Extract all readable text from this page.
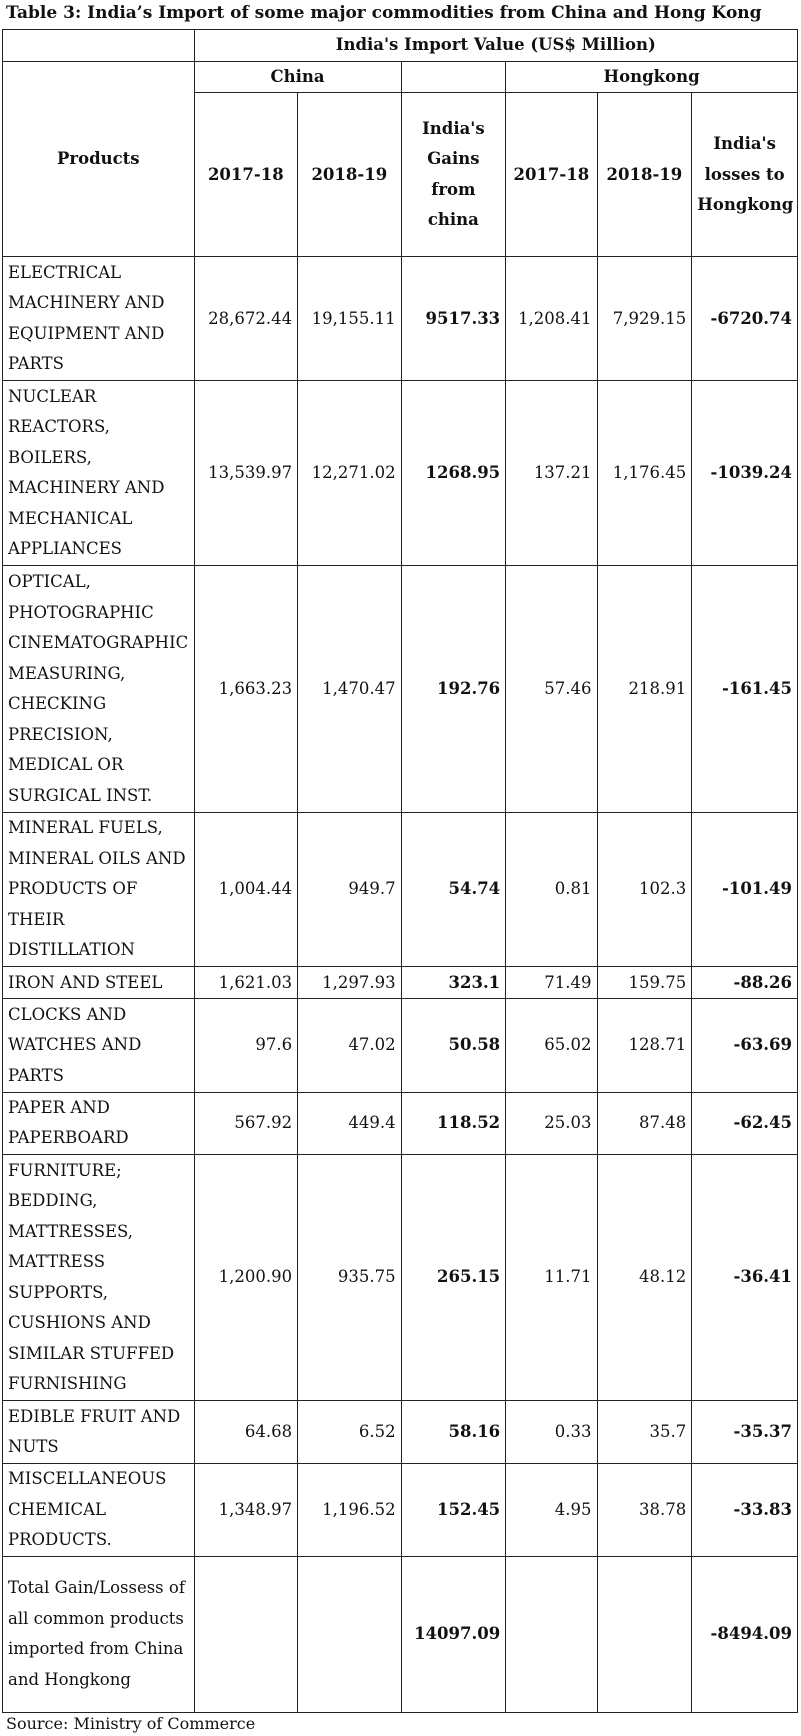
Table 3: India’s Import of some major commodities from China and Hong Kong
	India's Import Value (US$ Million)					
Products	China			Hongkong		
	2017-18	2018-19	India's Gains from china	2017-18	2018-19	India's losses to Hongkong
ELECTRICAL MACHINERY AND EQUIPMENT AND PARTS	28,672.44	19,155.11	9517.33	1,208.41	7,929.15	-6720.74
NUCLEAR REACTORS, BOILERS, MACHINERY AND MECHANICAL APPLIANCES	13,539.97	12,271.02	1268.95	137.21	1,176.45	-1039.24
OPTICAL, PHOTOGRAPHIC CINEMATOGRAPHIC MEASURING, CHECKING PRECISION, MEDICAL OR SURGICAL INST.	1,663.23	1,470.47	192.76	57.46	218.91	-161.45
MINERAL FUELS, MINERAL OILS AND PRODUCTS OF THEIR DISTILLATION	1,004.44	949.7	54.74	0.81	102.3	-101.49
IRON AND STEEL	1,621.03	1,297.93	323.1	71.49	159.75	-88.26
CLOCKS AND WATCHES AND PARTS	97.6	47.02	50.58	65.02	128.71	-63.69
PAPER AND PAPERBOARD	567.92	449.4	118.52	25.03	87.48	-62.45
FURNITURE; BEDDING, MATTRESSES, MATTRESS SUPPORTS, CUSHIONS AND SIMILAR STUFFED FURNISHING	1,200.90	935.75	265.15	11.71	48.12	-36.41
EDIBLE FRUIT AND NUTS	64.68	6.52	58.16	0.33	35.7	-35.37
MISCELLANEOUS CHEMICAL PRODUCTS.	1,348.97	1,196.52	152.45	4.95	38.78	-33.83
Total Gain/Lossess of all common products imported from China and Hongkong			14097.09			-8494.09
Source: Ministry of Commerce
